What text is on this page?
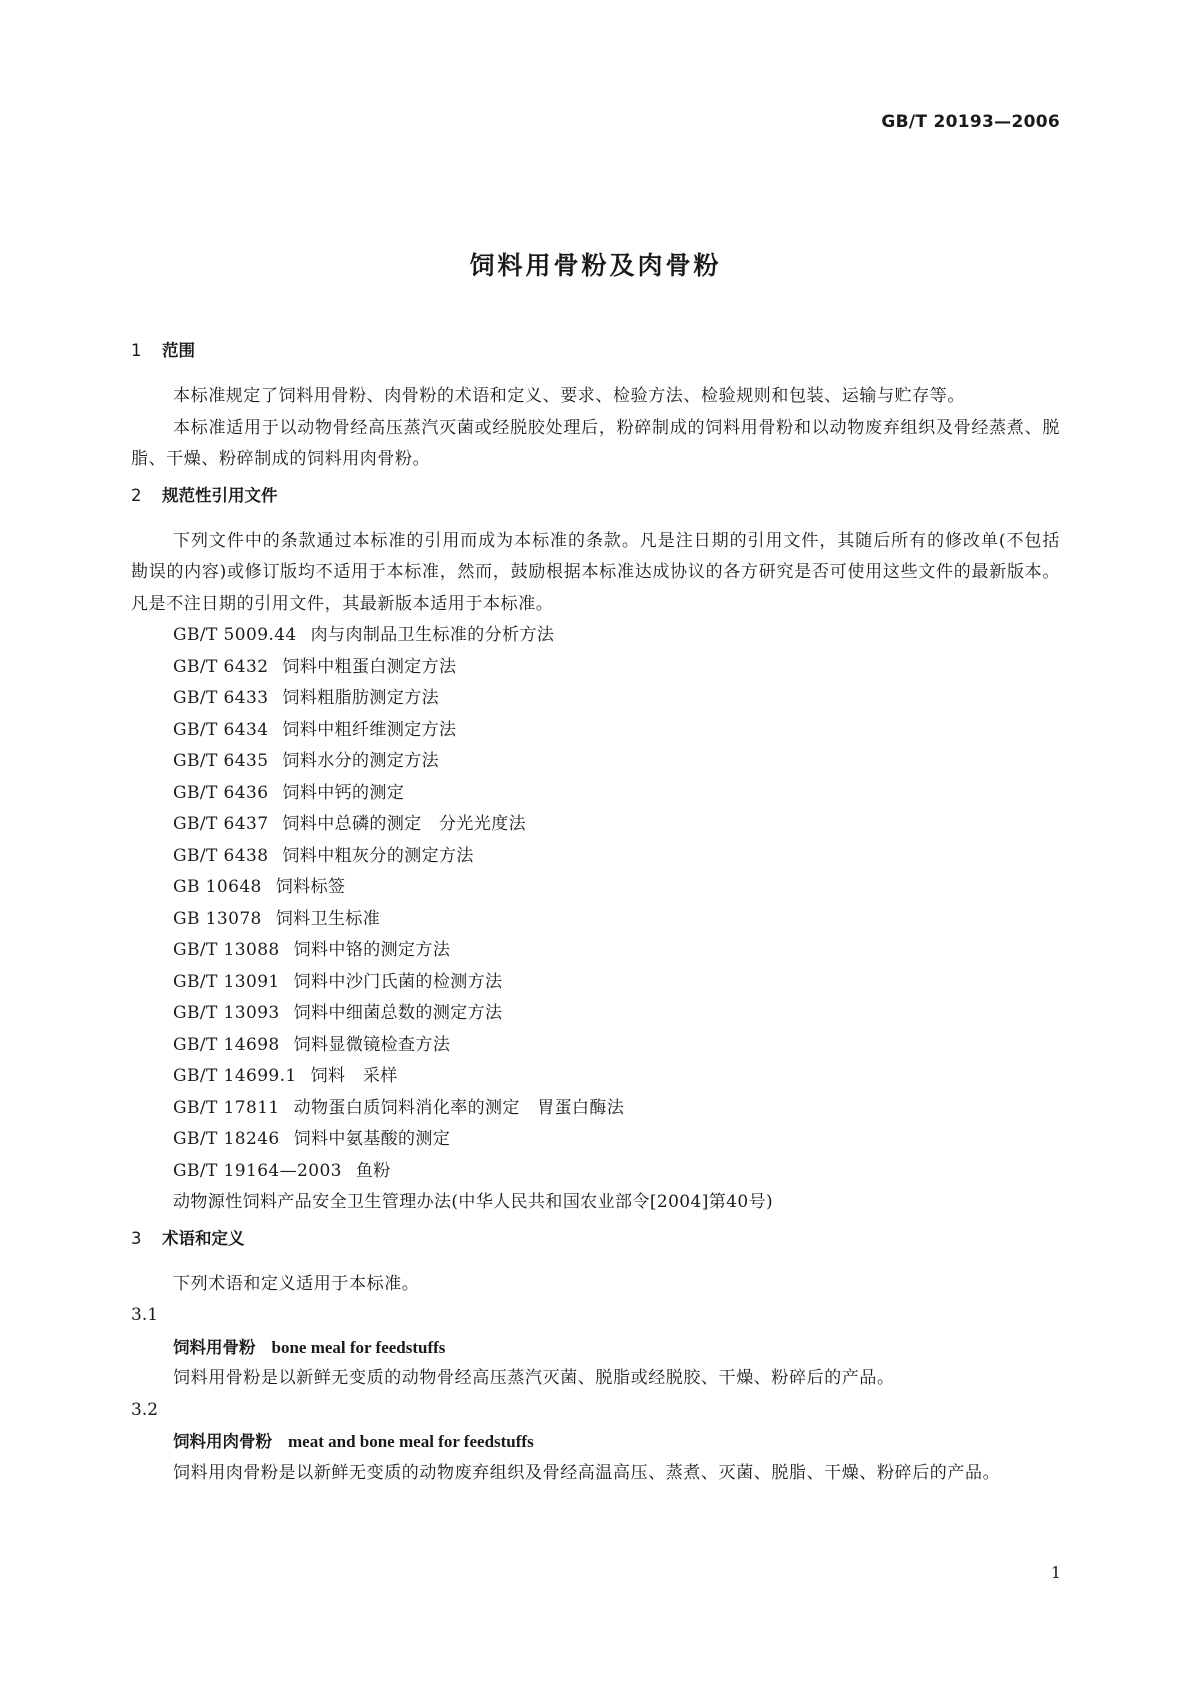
GB/T 20193—2006
饲料用骨粉及肉骨粉
1	范围

本标准规定了饲料用骨粉、肉骨粉的术语和定义、要求、检验方法、检验规则和包装、运输与贮存等。

本标准适用于以动物骨经高压蒸汽灭菌或经脱胶处理后，粉碎制成的饲料用骨粉和以动物废弃组织及骨经蒸煮、脱脂、干燥、粉碎制成的饲料用肉骨粉。

2	规范性引用文件

下列文件中的条款通过本标准的引用而成为本标准的条款。凡是注日期的引用文件，其随后所有的修改单(不包括勘误的内容)或修订版均不适用于本标准，然而，鼓励根据本标准达成协议的各方研究是否可使用这些文件的最新版本。凡是不注日期的引用文件，其最新版本适用于本标准。

GB/T 5009.44 肉与肉制品卫生标准的分析方法

GB/T 6432 饲料中粗蛋白测定方法

GB/T 6433 饲料粗脂肪测定方法

GB/T 6434 饲料中粗纤维测定方法

GB/T 6435 饲料水分的测定方法

GB/T 6436 饲料中钙的测定

GB/T 6437 饲料中总磷的测定　分光光度法

GB/T 6438 饲料中粗灰分的测定方法

GB 10648 饲料标签

GB 13078 饲料卫生标准

GB/T 13088 饲料中铬的测定方法

GB/T 13091 饲料中沙门氏菌的检测方法

GB/T 13093 饲料中细菌总数的测定方法

GB/T 14698 饲料显微镜检查方法

GB/T 14699.1 饲料　采样

GB/T 17811 动物蛋白质饲料消化率的测定　胃蛋白酶法

GB/T 18246 饲料中氨基酸的测定

GB/T 19164—2003 鱼粉

动物源性饲料产品安全卫生管理办法(中华人民共和国农业部令[2004]第40号)

3	术语和定义

下列术语和定义适用于本标准。

3.1

饲料用骨粉 bone meal for feedstuffs

饲料用骨粉是以新鲜无变质的动物骨经高压蒸汽灭菌、脱脂或经脱胶、干燥、粉碎后的产品。

3.2

饲料用肉骨粉 meat and bone meal for feedstuffs

饲料用肉骨粉是以新鲜无变质的动物废弃组织及骨经高温高压、蒸煮、灭菌、脱脂、干燥、粉碎后的产品。

1
